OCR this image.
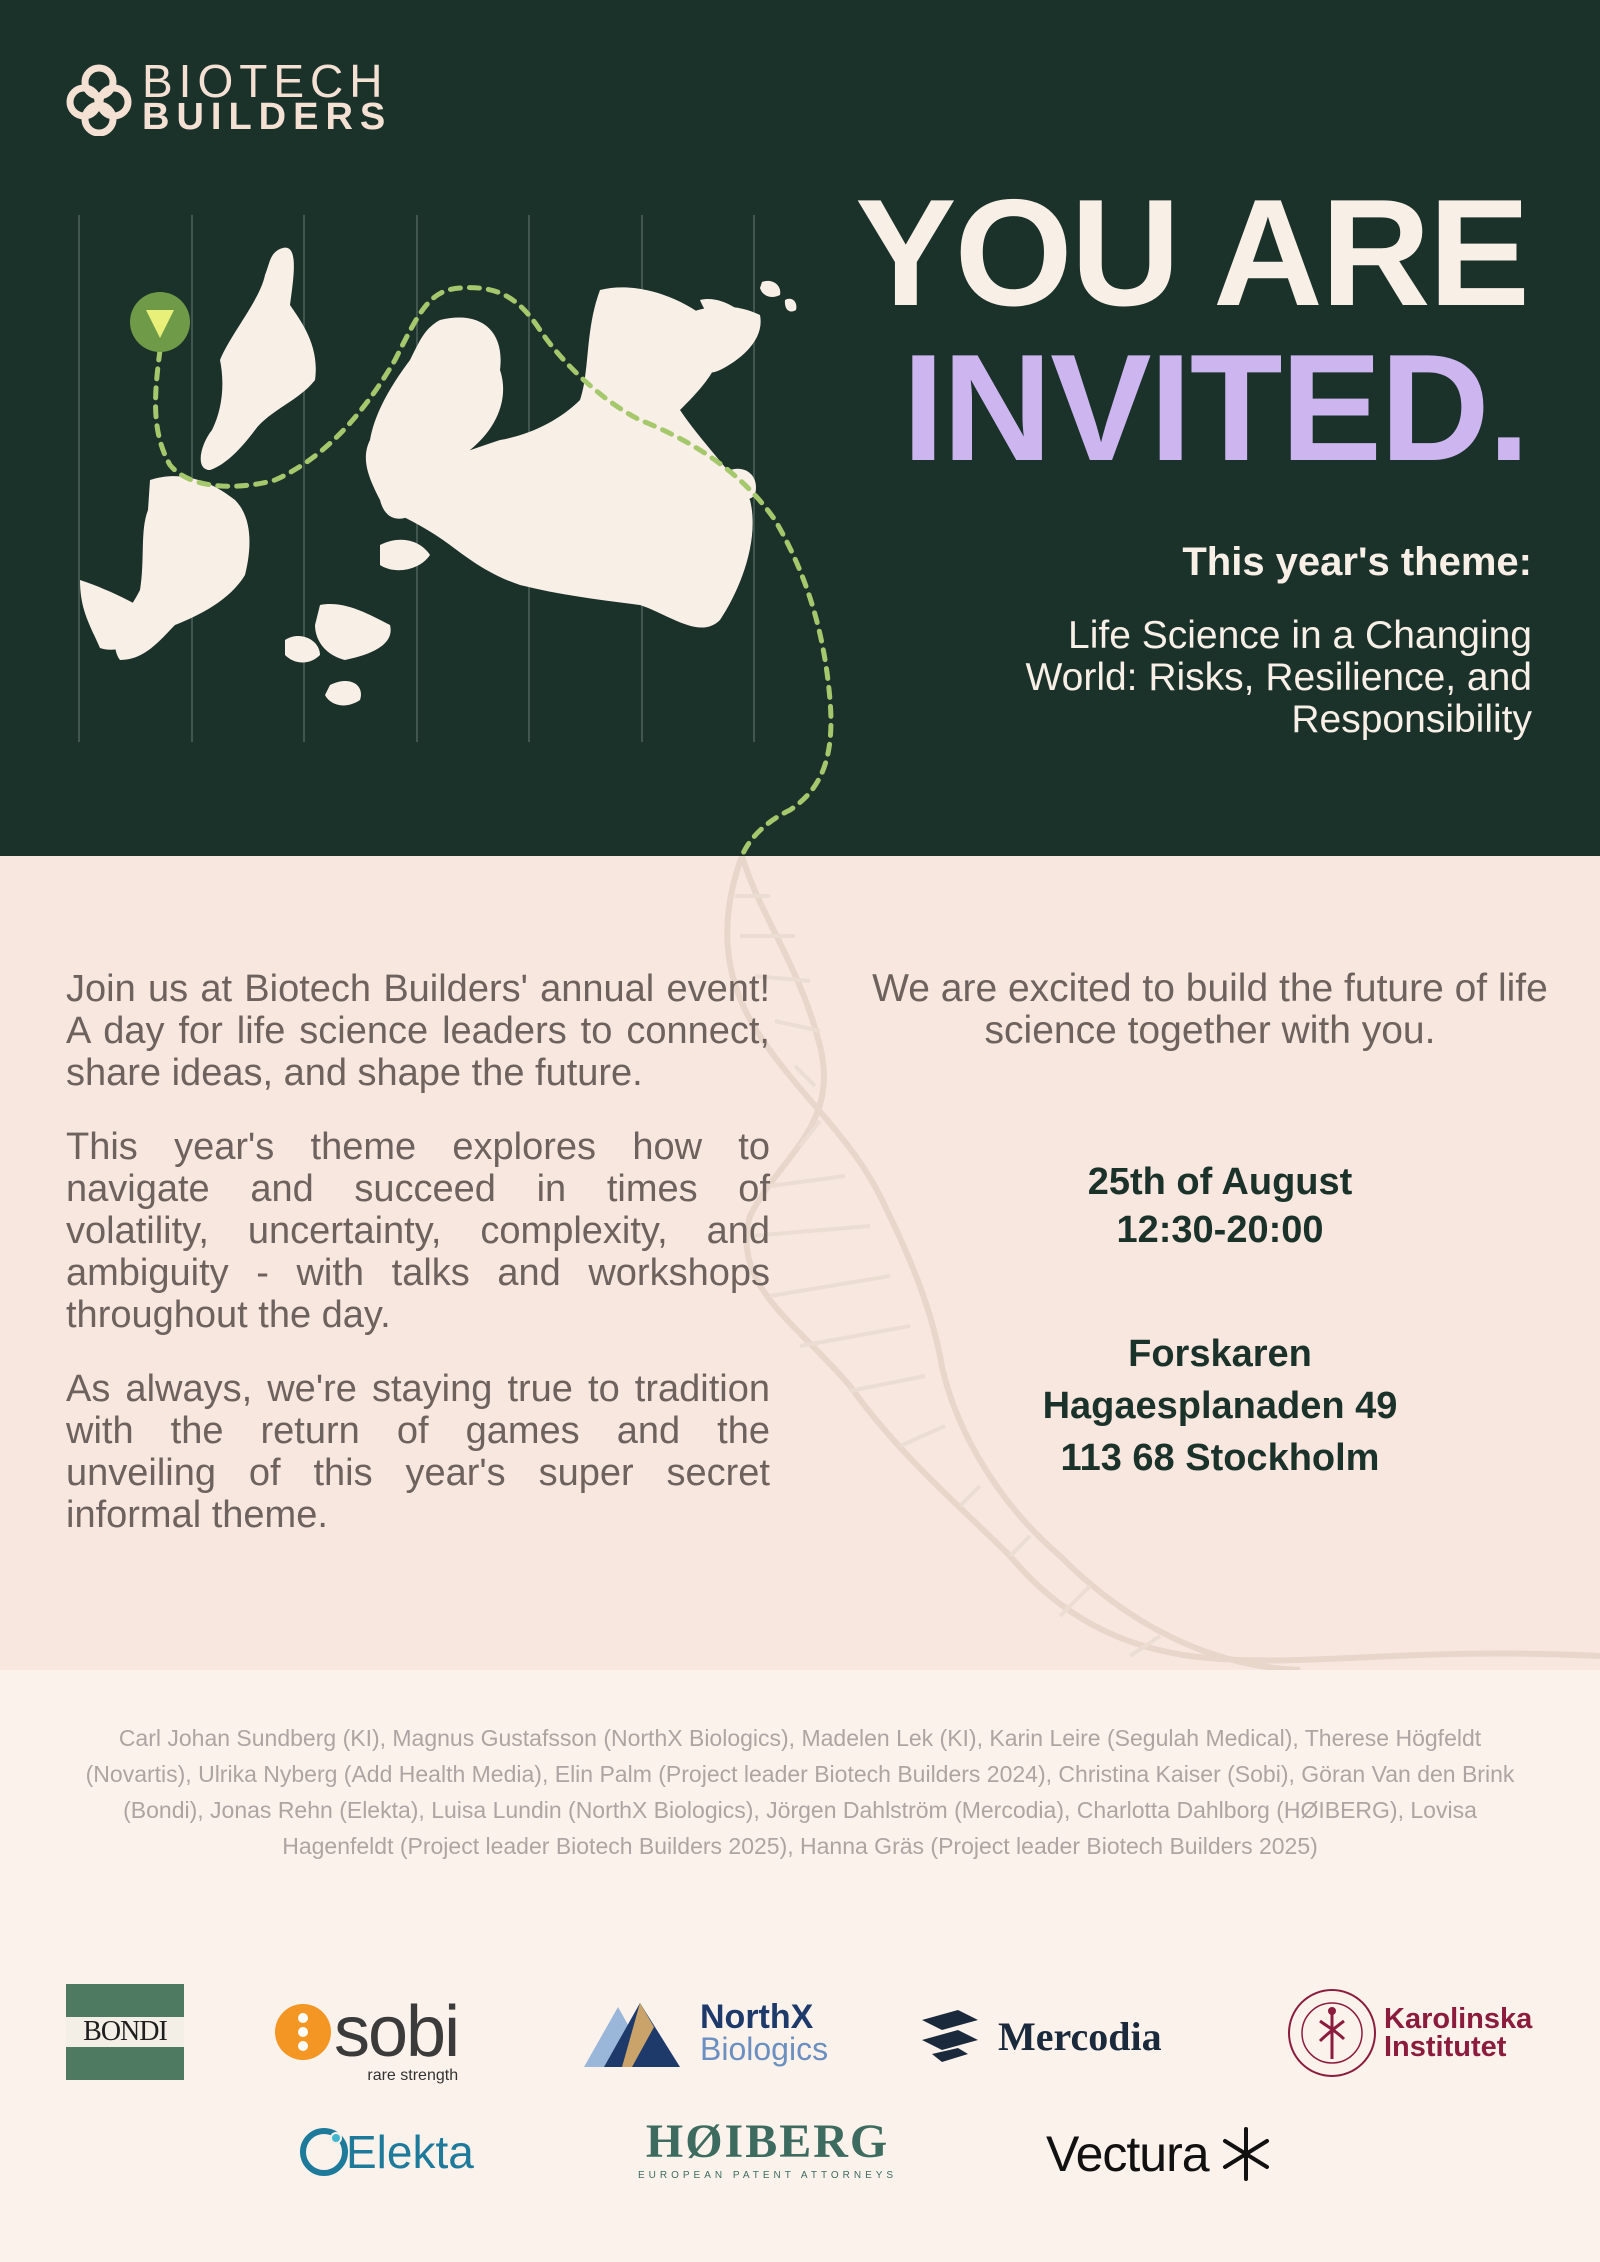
BIOTECH
BUILDERS
YOU ARE
INVITED.
This year's theme:
Life Science in a Changing World: Risks, Resilience, and Responsibility

Join us at Biotech Builders' annual event! A day for life science leaders to connect, share ideas, and shape the future.

This year's theme explores how to navigate and succeed in times of volatility, uncertainty, complexity, and ambiguity - with talks and workshops throughout the day.

As always, we're staying true to tradition with the return of games and the unveiling of this year's super secret informal theme.

We are excited to build the future of life science together with you.
25th of August
12:30-20:00
Forskaren
Hagaesplanaden 49
113 68 Stockholm
Carl Johan Sundberg (KI), Magnus Gustafsson (NorthX Biologics), Madelen Lek (KI), Karin Leire (Segulah Medical), Therese Högfeldt (Novartis), Ulrika Nyberg (Add Health Media), Elin Palm (Project leader Biotech Builders 2024), Christina Kaiser (Sobi), Göran Van den Brink (Bondi), Jonas Rehn (Elekta), Luisa Lundin (NorthX Biologics), Jörgen Dahlström (Mercodia), Charlotta Dahlborg (HØIBERG), Lovisa Hagenfeldt (Project leader Biotech Builders 2025), Hanna Gräs (Project leader Biotech Builders 2025)
BONDI sobi
rare strength
NorthX
Biologics	Mercodia	Karolinska
Institutet
Elekta	HØIBERG
EUROPEAN PATENT ATTORNEYS	Vectura
